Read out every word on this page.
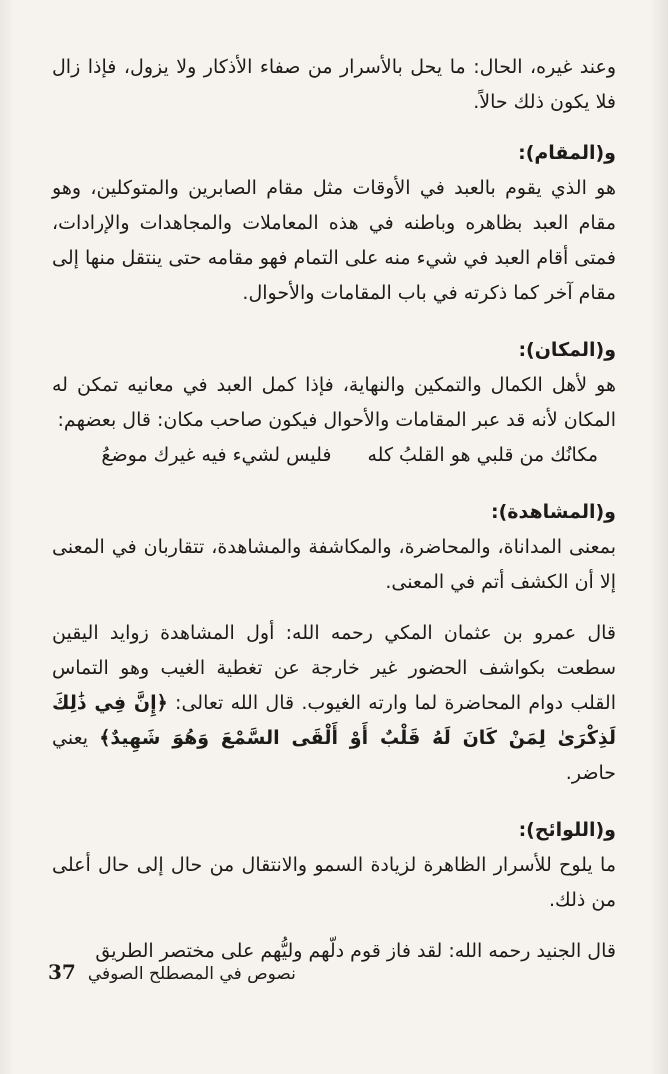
وعند غيره، الحال: ما يحل بالأسرار من صفاء الأذكار ولا يزول، فإذا زال فلا يكون ذلك حالاً.

و(المقام):

هو الذي يقوم بالعبد في الأوقات مثل مقام الصابرين والمتوكلين، وهو مقام العبد بظاهره وباطنه في هذه المعاملات والمجاهدات والإرادات، فمتى أقام العبد في شيء منه على التمام فهو مقامه حتى ينتقل منها إلى مقام آخر كما ذكرته في باب المقامات والأحوال.

و(المكان):

هو لأهل الكمال والتمكين والنهاية، فإذا كمل العبد في معانيه تمكن له المكان لأنه قد عبر المقامات والأحوال فيكون صاحب مكان: قال بعضهم:

مكانُك من قلبي هو القلبُ كله
فليس لشيء فيه غيرك موضعُ

و(المشاهدة):

بمعنى المداناة، والمحاضرة، والمكاشفة والمشاهدة، تتقاربان في المعنى إلا أن الكشف أتم في المعنى.

قال عمرو بن عثمان المكي رحمه الله: أول المشاهدة زوايد اليقين سطعت بكواشف الحضور غير خارجة عن تغطية الغيب وهو التماس القلب دوام المحاضرة لما وارته الغيوب. قال الله تعالى: ﴿إِنَّ فِي ذَٰلِكَ لَذِكْرَىٰ لِمَنْ كَانَ لَهُ قَلْبٌ أَوْ أَلْقَى السَّمْعَ وَهُوَ شَهِيدٌ﴾ يعني حاضر.

و(اللوائح):

ما يلوح للأسرار الظاهرة لزيادة السمو والانتقال من حال إلى حال أعلى من ذلك.

قال الجنيد رحمه الله: لقد فاز قوم دلّهم وليُّهم على مختصر الطريق

37 نصوص في المصطلح الصوفي
